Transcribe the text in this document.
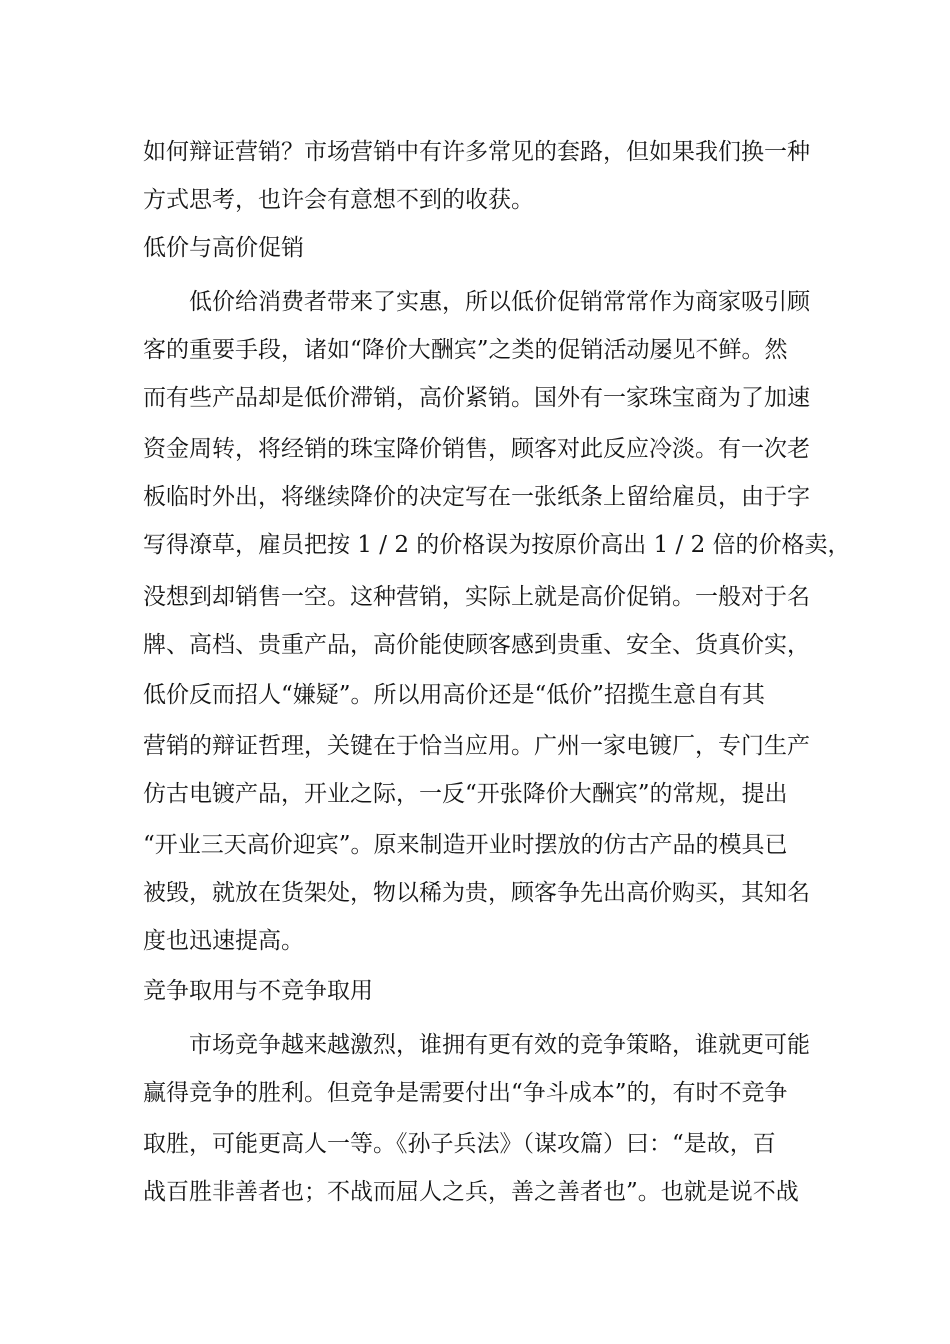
如何辩证营销？市场营销中有许多常见的套路，但如果我们换一种
方式思考，也许会有意想不到的收获。
低价与高价促销
低价给消费者带来了实惠，所以低价促销常常作为商家吸引顾
客的重要手段，诸如“降价大酬宾”之类的促销活动屡见不鲜。然
而有些产品却是低价滞销，高价紧销。国外有一家珠宝商为了加速
资金周转，将经销的珠宝降价销售，顾客对此反应冷淡。有一次老
板临时外出，将继续降价的决定写在一张纸条上留给雇员，由于字
写得潦草，雇员把按 1 / 2 的价格误为按原价高出 1 / 2 倍的价格卖，
没想到却销售一空。这种营销，实际上就是高价促销。一般对于名
牌、高档、贵重产品，高价能使顾客感到贵重、安全、货真价实，
低价反而招人“嫌疑”。所以用高价还是“低价”招揽生意自有其
营销的辩证哲理，关键在于恰当应用。广州一家电镀厂，专门生产
仿古电镀产品，开业之际，一反“开张降价大酬宾”的常规，提出
“开业三天高价迎宾”。原来制造开业时摆放的仿古产品的模具已
被毁，就放在货架处，物以稀为贵，顾客争先出高价购买，其知名
度也迅速提高。
竞争取用与不竞争取用
市场竞争越来越激烈，谁拥有更有效的竞争策略，谁就更可能
赢得竞争的胜利。但竞争是需要付出“争斗成本”的，有时不竞争
取胜，可能更高人一等。《孙子兵法》（谋攻篇）曰：“是故，百
战百胜非善者也；不战而屈人之兵，善之善者也”。也就是说不战
